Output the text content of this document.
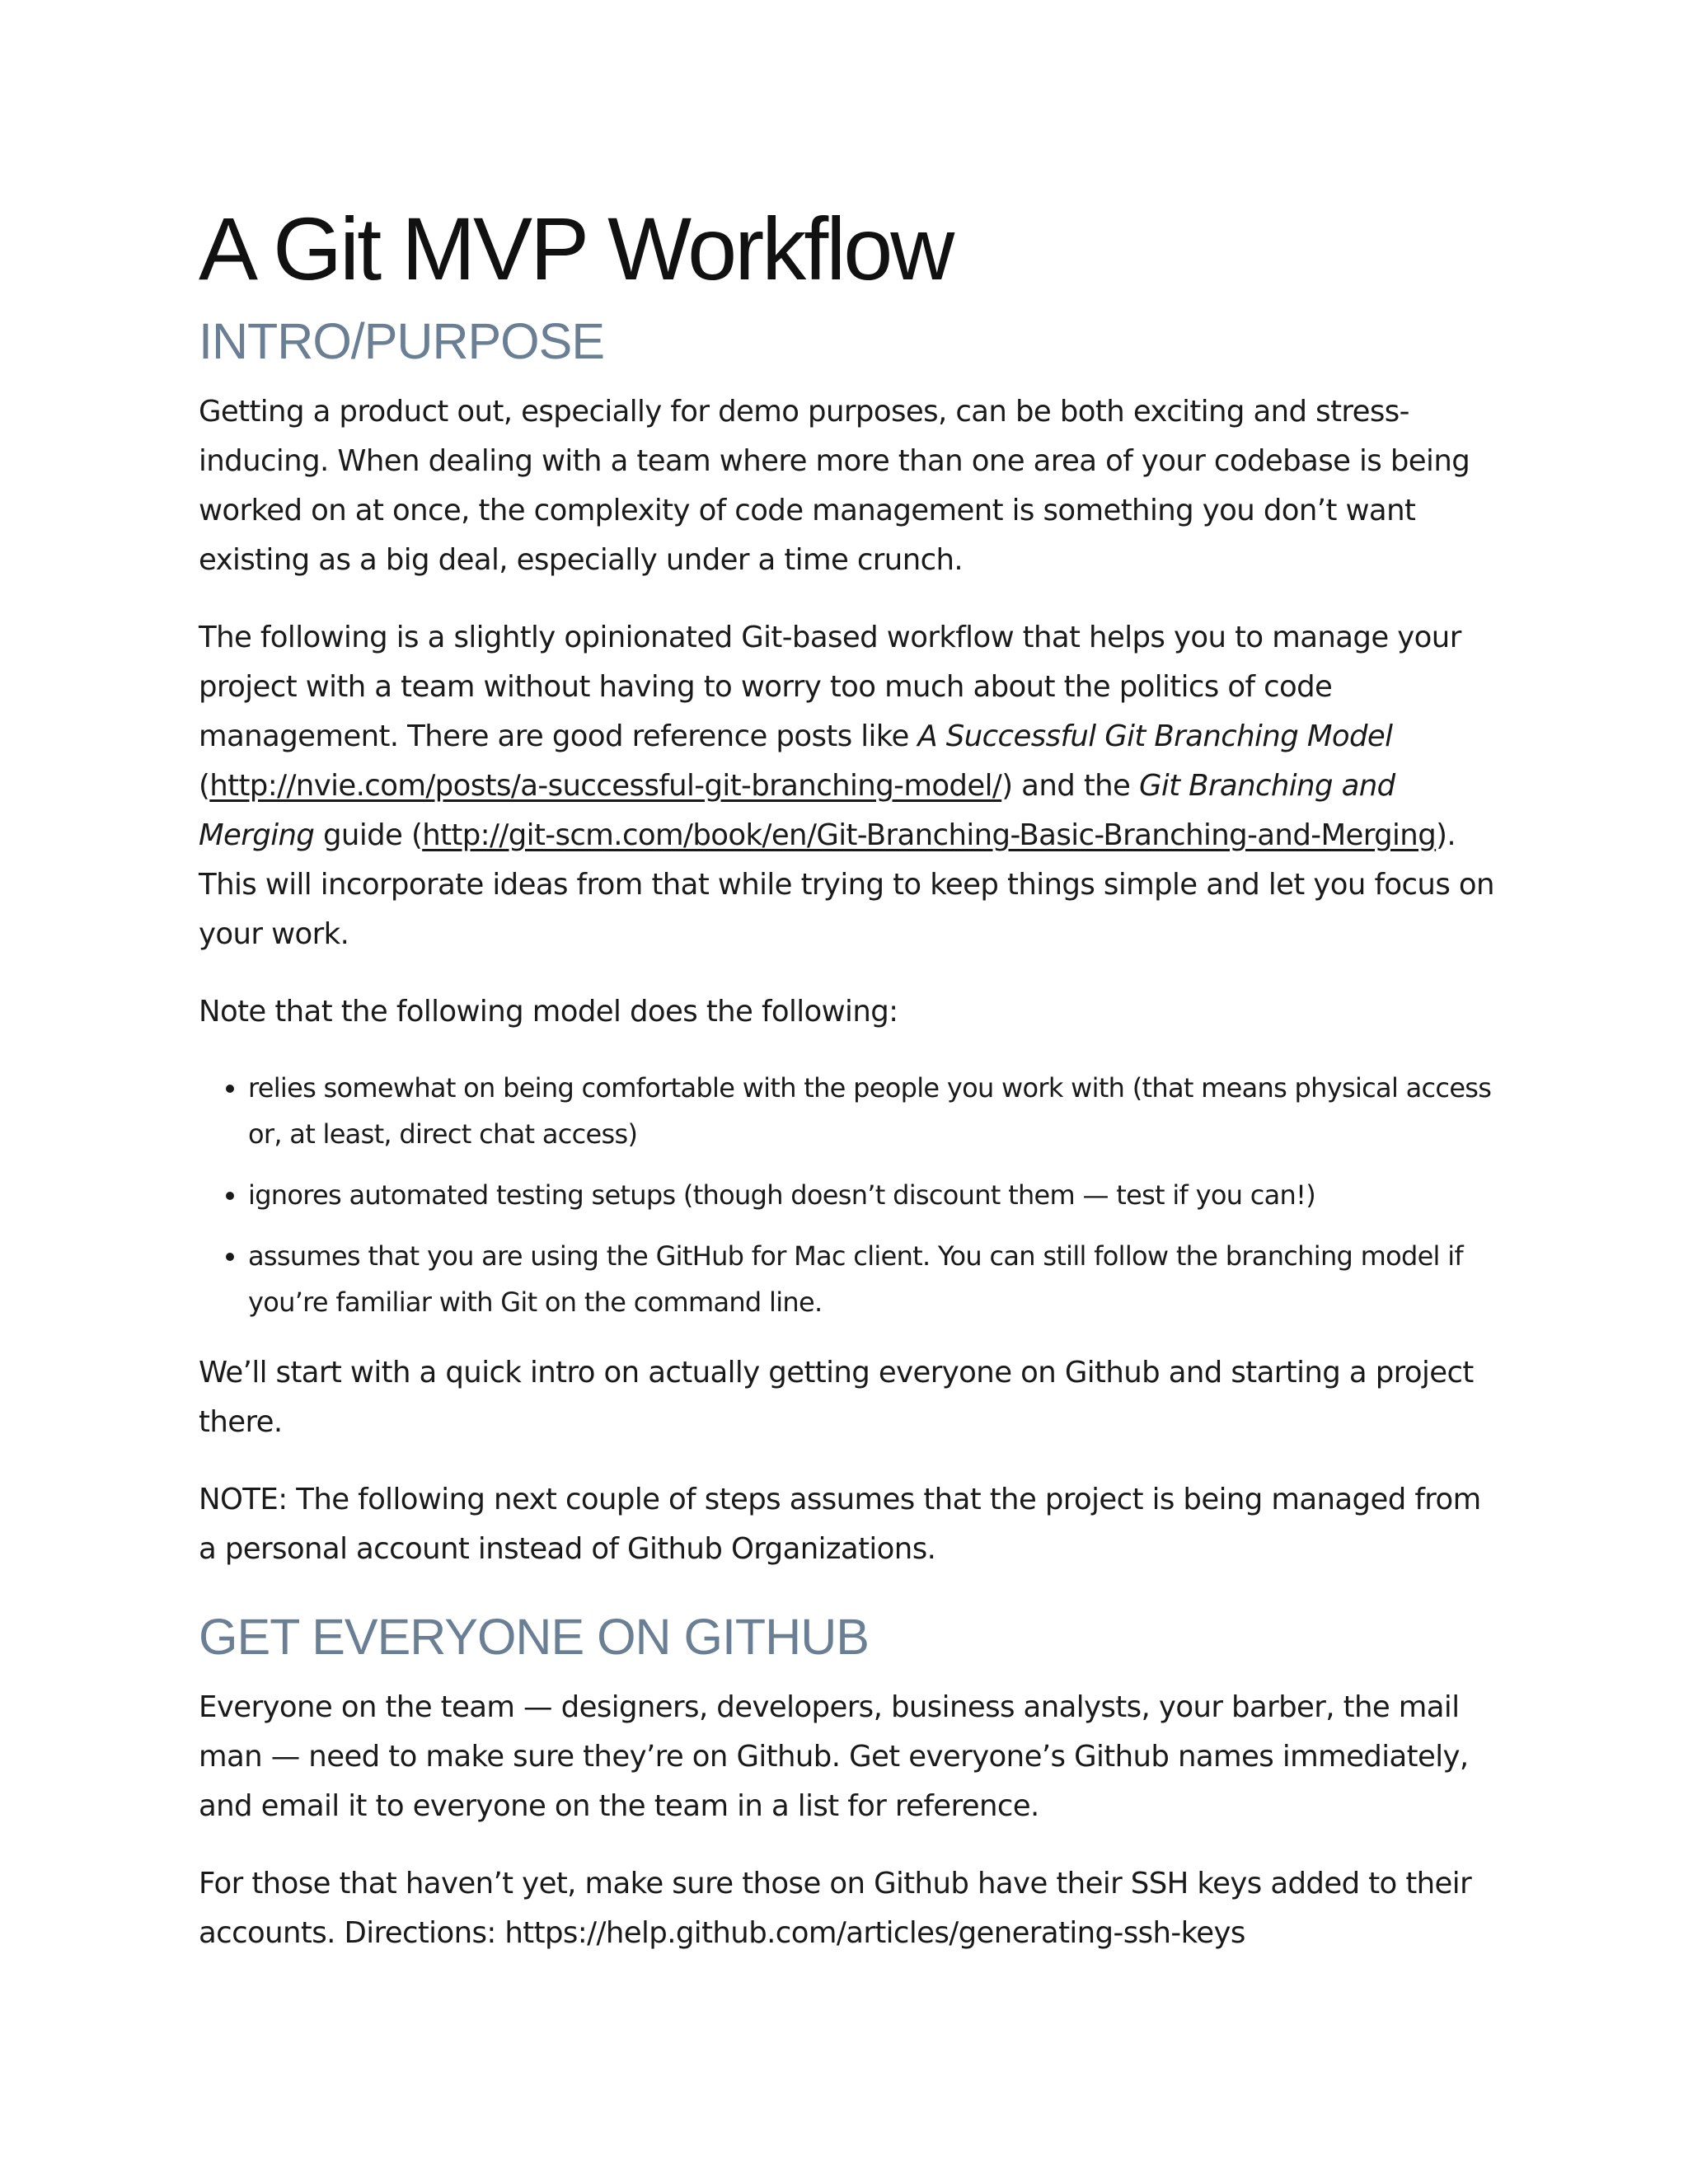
A Git MVP Workflow
INTRO/PURPOSE

Getting a product out, especially for demo purposes, can be both exciting and stress-inducing. When dealing with a team where more than one area of your codebase is being worked on at once, the complexity of code management is something you don’t want existing as a big deal, especially under a time crunch.

The following is a slightly opinionated Git-based workflow that helps you to manage your project with a team without having to worry too much about the politics of code management. There are good reference posts like A Successful Git Branching Model (http://nvie.com/posts/a-successful-git-branching-model/) and the Git Branching and Merging guide (http://git-scm.com/book/en/Git-Branching-Basic-Branching-and-Merging). This will incorporate ideas from that while trying to keep things simple and let you focus on your work.

Note that the following model does the following:

• relies somewhat on being comfortable with the people you work with (that means physical access or, at least, direct chat access)
• ignores automated testing setups (though doesn’t discount them — test if you can!)
• assumes that you are using the GitHub for Mac client. You can still follow the branching model if you’re familiar with Git on the command line.

We’ll start with a quick intro on actually getting everyone on Github and starting a project there.

NOTE: The following next couple of steps assumes that the project is being managed from a personal account instead of Github Organizations.

GET EVERYONE ON GITHUB

Everyone on the team — designers, developers, business analysts, your barber, the mail man — need to make sure they’re on Github. Get everyone’s Github names immediately, and email it to everyone on the team in a list for reference.

For those that haven’t yet, make sure those on Github have their SSH keys added to their accounts. Directions: https://help.github.com/articles/generating-ssh-keys
